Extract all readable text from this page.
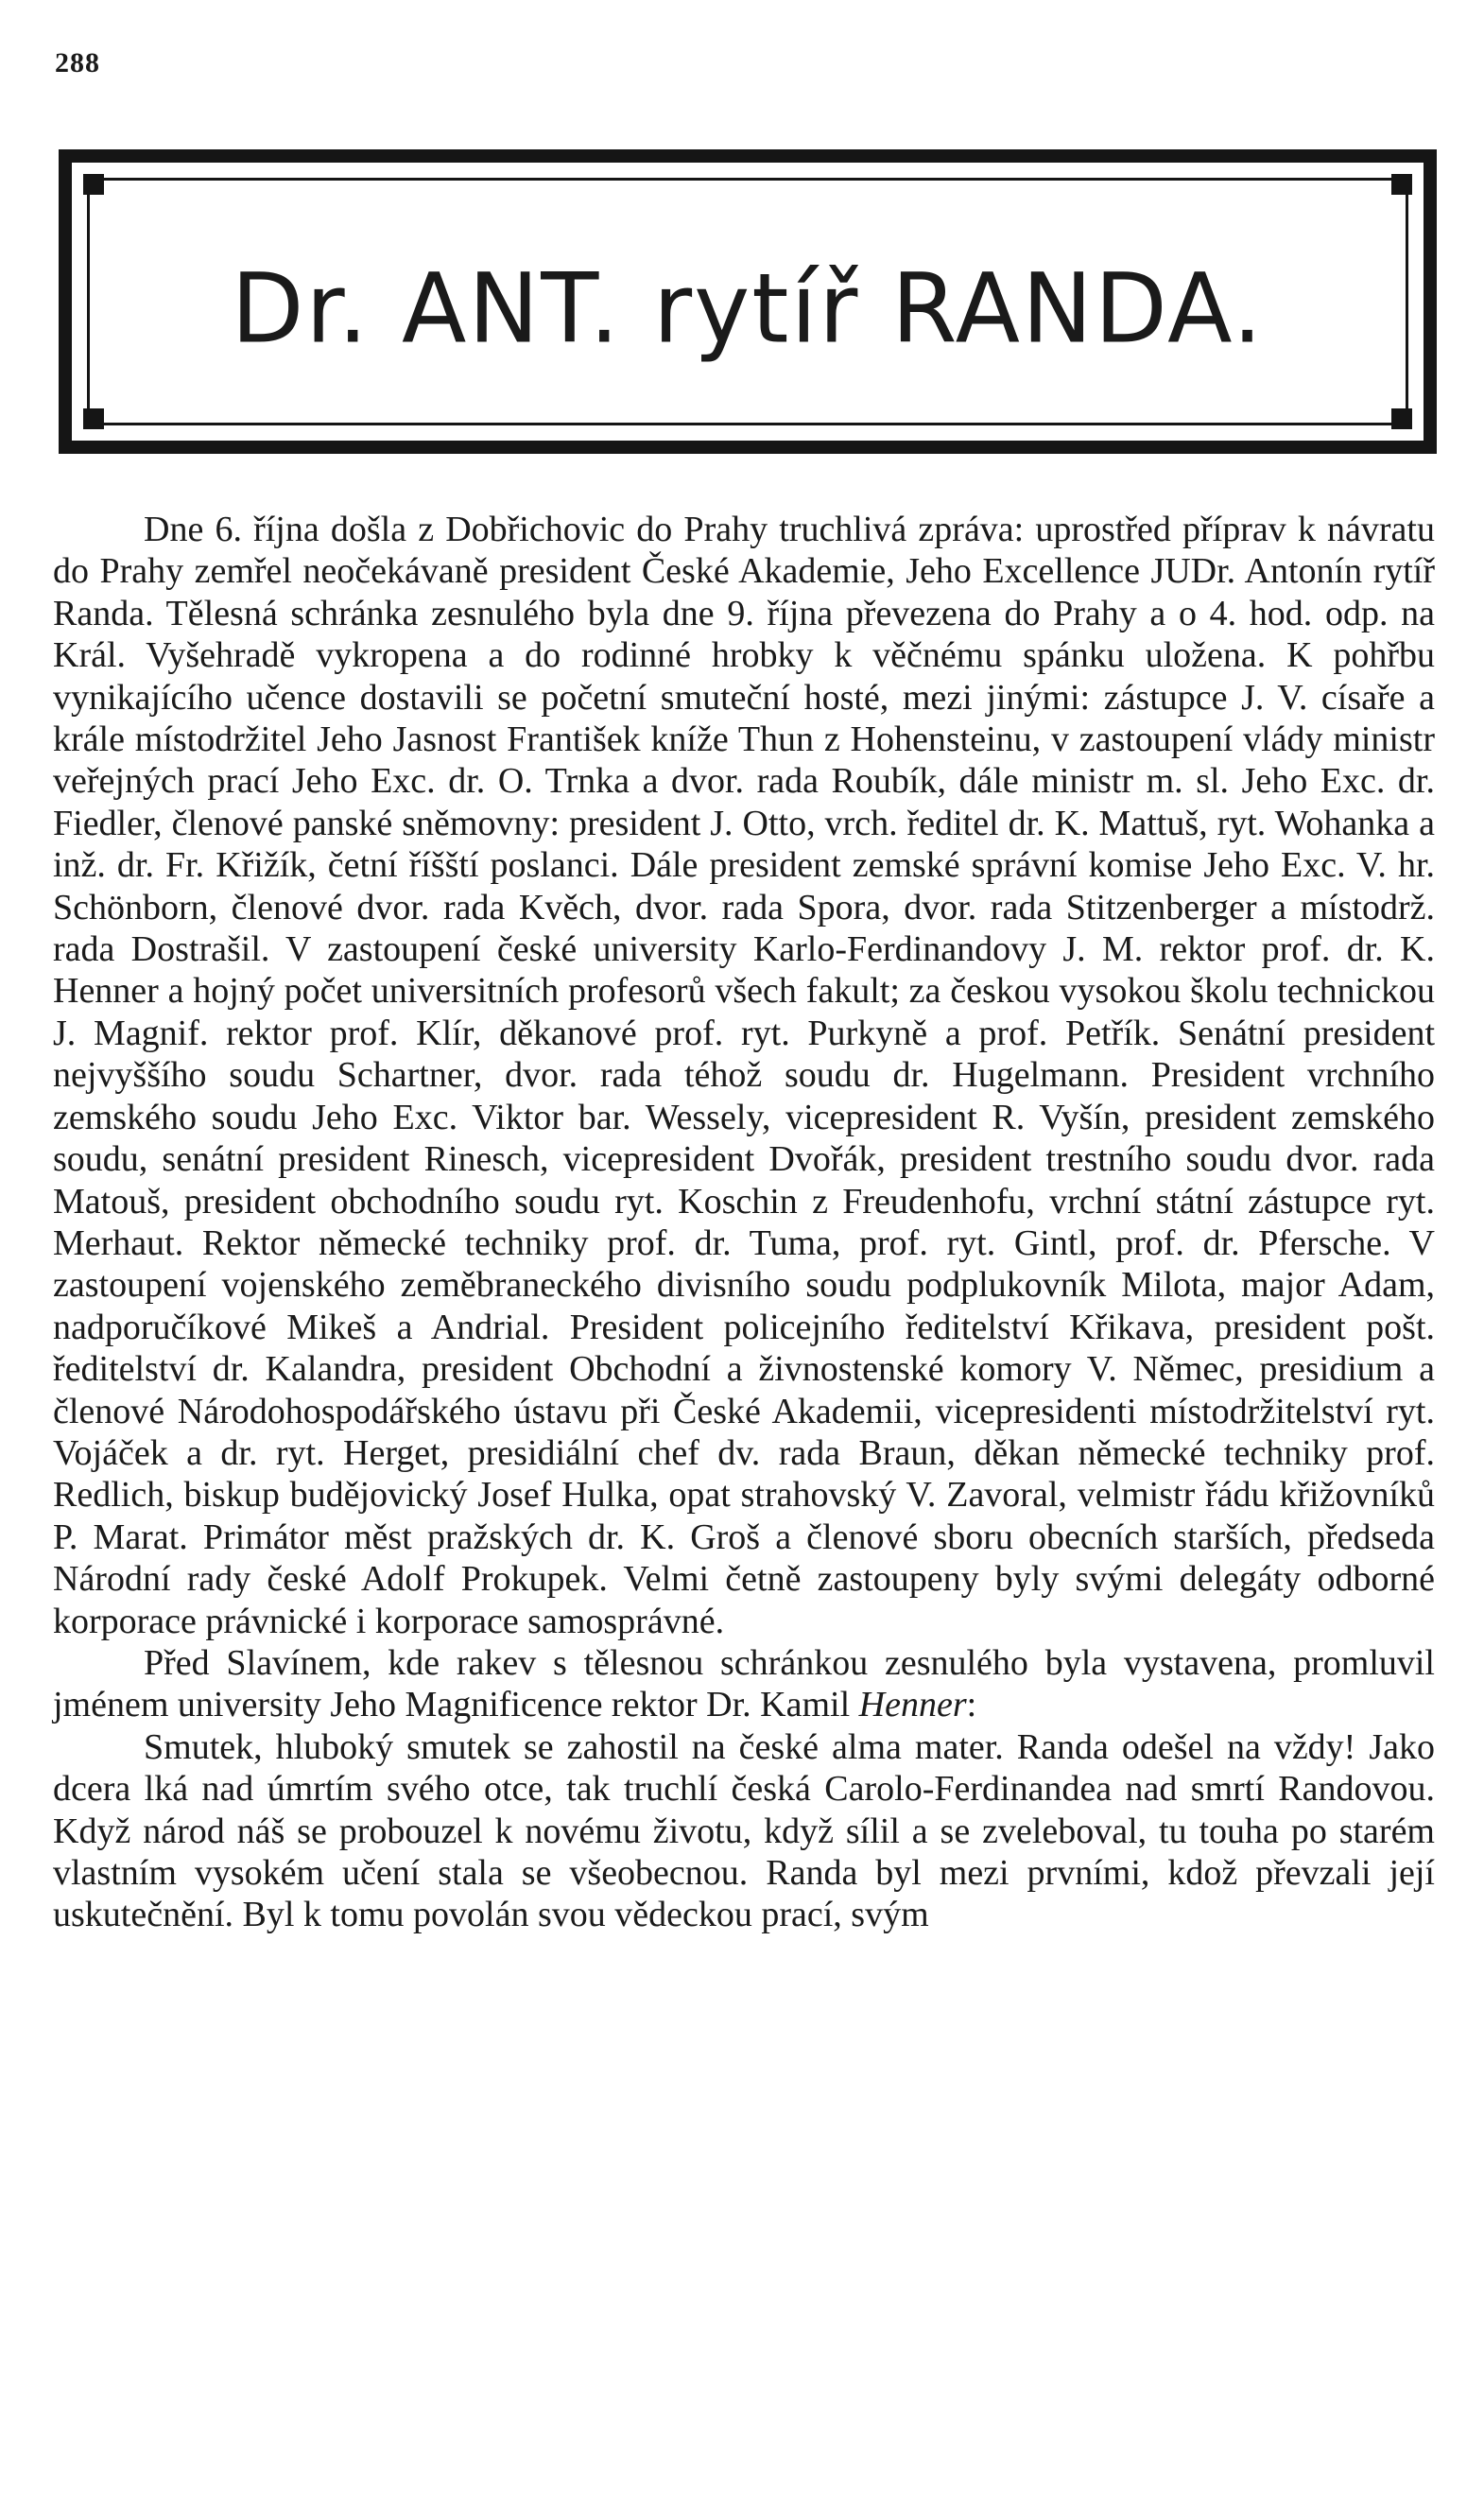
288
Dr. ANT. rytíř RANDA.

Dne 6. října došla z Dobřichovic do Prahy truchlivá zpráva: uprostřed příprav k návratu do Prahy zemřel neočekávaně president České Akademie, Jeho Excellence JUDr. Antonín rytíř Randa. Tělesná schránka zesnulého byla dne 9. října převezena do Prahy a o 4. hod. odp. na Král. Vyšehradě vykropena a do rodinné hrobky k věčnému spánku uložena. K pohřbu vynikajícího učence dostavili se početní smuteční hosté, mezi jinými: zástupce J. V. císaře a krále místodržitel Jeho Jasnost František kníže Thun z Hohensteinu, v zastoupení vlády ministr veřejných prací Jeho Exc. dr. O. Trnka a dvor. rada Roubík, dále ministr m. sl. Jeho Exc. dr. Fiedler, členové panské sněmovny: president J. Otto, vrch. ředitel dr. K. Mattuš, ryt. Wohanka a inž. dr. Fr. Křižík, četní říšští poslanci. Dále president zemské správní komise Jeho Exc. V. hr. Schönborn, členové dvor. rada Kvěch, dvor. rada Spora, dvor. rada Stitzenberger a místodrž. rada Dostrašil. V zastoupení české university Karlo-Ferdinandovy J. M. rektor prof. dr. K. Henner a hojný počet universitních profesorů všech fakult; za českou vysokou školu technickou J. Magnif. rektor prof. Klír, děkanové prof. ryt. Purkyně a prof. Petřík. Senátní president nejvyššího soudu Schartner, dvor. rada téhož soudu dr. Hugelmann. President vrchního zemského soudu Jeho Exc. Viktor bar. Wessely, vicepresident R. Vyšín, president zemského soudu, senátní president Rinesch, vicepresident Dvořák, president trestního soudu dvor. rada Matouš, president obchodního soudu ryt. Koschin z Freudenhofu, vrchní státní zástupce ryt. Merhaut. Rektor německé techniky prof. dr. Tuma, prof. ryt. Gintl, prof. dr. Pfersche. V zastoupení vojenského zeměbraneckého divisního soudu podplukovník Milota, major Adam, nadporučíkové Mikeš a Andrial. President policejního ředitelství Křikava, president pošt. ředitelství dr. Kalandra, president Obchodní a živnostenské komory V. Němec, presidium a členové Národohospodářského ústavu při České Akademii, vicepresidenti místodržitelství ryt. Vojáček a dr. ryt. Herget, presidiální chef dv. rada Braun, děkan německé techniky prof. Redlich, biskup budějovický Josef Hulka, opat strahovský V. Zavoral, velmistr řádu křižovníků P. Marat. Primátor měst pražských dr. K. Groš a členové sboru obecních starších, předseda Národní rady české Adolf Prokupek. Velmi četně zastoupeny byly svými delegáty odborné korporace právnické i korporace samosprávné.

Před Slavínem, kde rakev s tělesnou schránkou zesnulého byla vystavena, promluvil jménem university Jeho Magnificence rektor Dr. Kamil Henner:

Smutek, hluboký smutek se zahostil na české alma mater. Randa odešel na vždy! Jako dcera lká nad úmrtím svého otce, tak truchlí česká Carolo-Ferdinandea nad smrtí Randovou. Když národ náš se probouzel k novému životu, když sílil a se zveleboval, tu touha po starém vlastním vysokém učení stala se všeobecnou. Randa byl mezi prvními, kdož převzali její uskutečnění. Byl k tomu povolán svou vědeckou prací, svým
